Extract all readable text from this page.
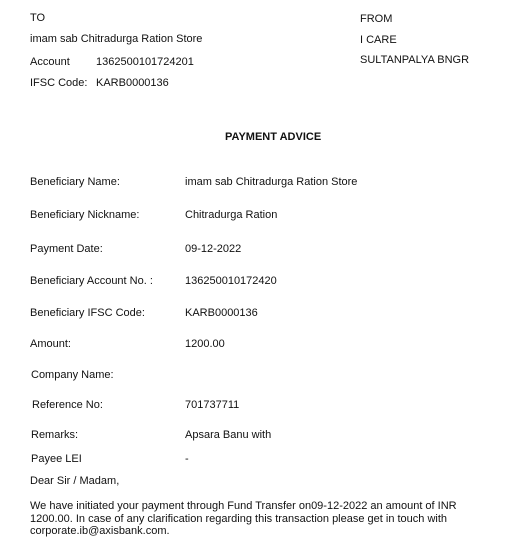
TO
imam sab Chitradurga Ration Store
Account 1362500101724201
IFSC Code: KARB0000136
FROM
I CARE
SULTANPALYA BNGR
PAYMENT ADVICE
Beneficiary Name:	imam sab Chitradurga Ration Store
Beneficiary Nickname:	Chitradurga Ration
Payment Date:	09-12-2022
Beneficiary Account No. :	136250010172420
Beneficiary IFSC Code:	KARB0000136
Amount:	1200.00
Company Name:
Reference No:	701737711
Remarks:	Apsara Banu with
Payee LEI	-
Dear Sir / Madam,
We have initiated your payment through Fund Transfer on09-12-2022 an amount of INR 1200.00. In case of any clarification regarding this transaction please get in touch with corporate.ib@axisbank.com.
